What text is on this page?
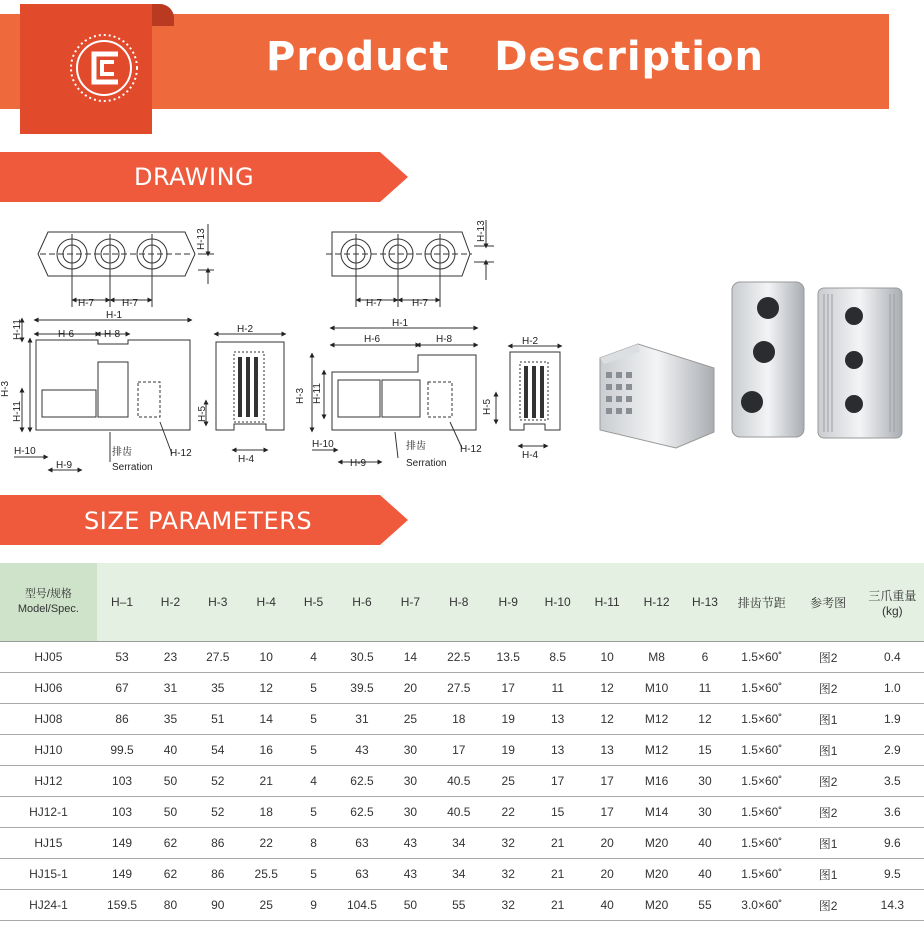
Product   Description
DRAWING
H-1
H-6	H-8
H-7	H-7
H-2
H-4
H-10
H-9
排齿
Serration
H-12
H-13
H-3
H-11
H-11	H-5
H-1
H-6	H-8
H-7	H-7
H-2
H-4
H-10
H-9
排齿
Serration
H-12
H-13
H-3 H-11
H-5
SIZE PARAMETERS
型号/规格
Model/Spec.	H–1	H-2	H-3	H-4	H-5	H-6	H-7	H-8	H-9	H-10	H-11	H-12	H-13	排齿节距	参考图	三爪重量
(kg)
HJ05	53	23	27.5	10	4	30.5	14	22.5	13.5	8.5	10	M8	6	1.5×60˚	图2	0.4
HJ06	67	31	35	12	5	39.5	20	27.5	17	11	12	M10	11	1.5×60˚	图2	1.0
HJ08	86	35	51	14	5	31	25	18	19	13	12	M12	12	1.5×60˚	图1	1.9
HJ10	99.5	40	54	16	5	43	30	17	19	13	13	M12	15	1.5×60˚	图1	2.9
HJ12	103	50	52	21	4	62.5	30	40.5	25	17	17	M16	30	1.5×60˚	图2	3.5
HJ12-1	103	50	52	18	5	62.5	30	40.5	22	15	17	M14	30	1.5×60˚	图2	3.6
HJ15	149	62	86	22	8	63	43	34	32	21	20	M20	40	1.5×60˚	图1	9.6
HJ15-1	149	62	86	25.5	5	63	43	34	32	21	20	M20	40	1.5×60˚	图1	9.5
HJ24-1	159.5	80	90	25	9	104.5	50	55	32	21	40	M20	55	3.0×60˚	图2	14.3
